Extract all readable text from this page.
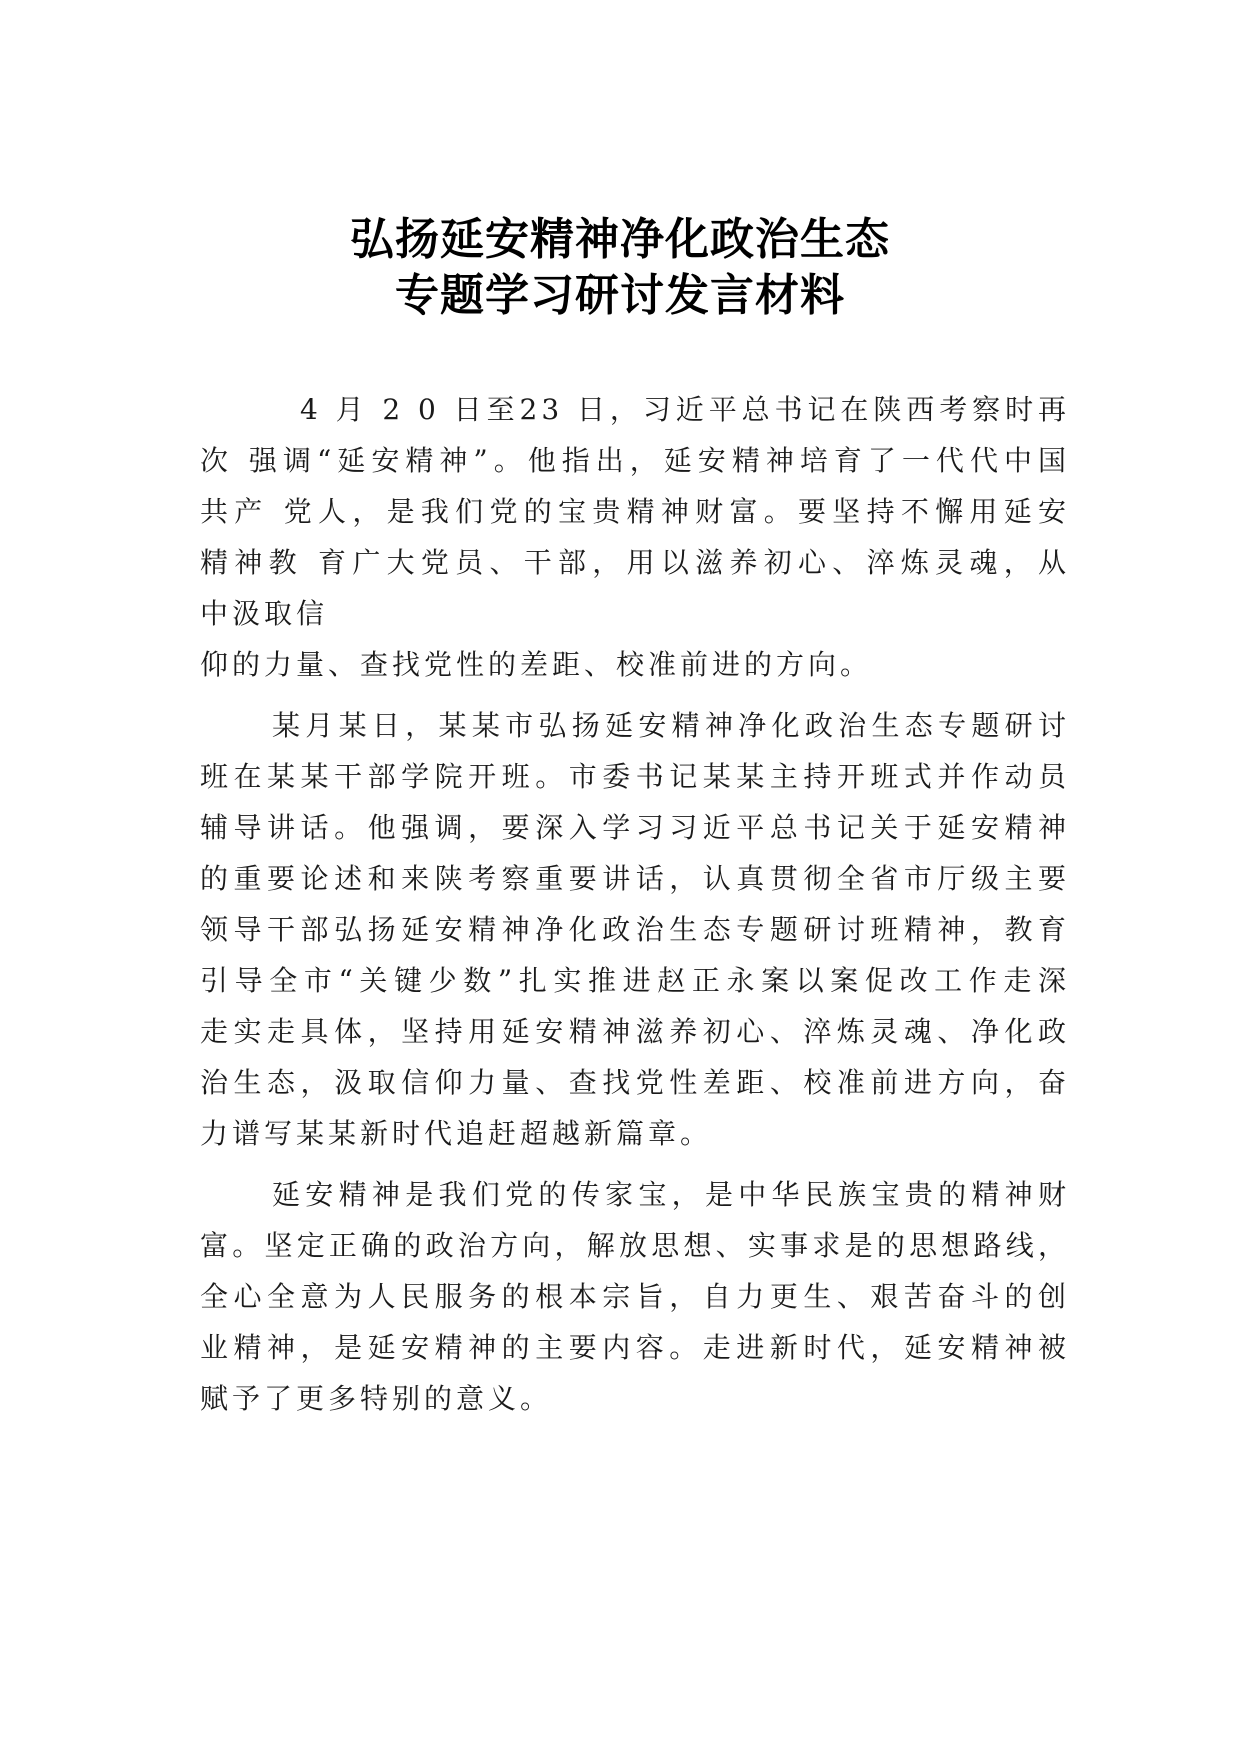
弘扬延安精神净化政治生态
专题学习研讨发言材料
4 月 2 0 日至23 日，习近平总书记在陕西考察时再
次 强调“延安精神”。他指出，延安精神培育了一代代中国
共产 党人，是我们党的宝贵精神财富。要坚持不懈用延安
精神教 育广大党员、干部，用以滋养初心、淬炼灵魂，从
中汲取信
仰的力量、查找党性的差距、校准前进的方向。
某月某日，某某市弘扬延安精神净化政治生态专题研讨
班在某某干部学院开班。市委书记某某主持开班式并作动员
辅导讲话。他强调，要深入学习习近平总书记关于延安精神
的重要论述和来陕考察重要讲话，认真贯彻全省市厅级主要
领导干部弘扬延安精神净化政治生态专题研讨班精神，教育
引导全市“关键少数”扎实推进赵正永案以案促改工作走深
走实走具体，坚持用延安精神滋养初心、淬炼灵魂、净化政
治生态，汲取信仰力量、查找党性差距、校准前进方向，奋
力谱写某某新时代追赶超越新篇章。
延安精神是我们党的传家宝，是中华民族宝贵的精神财
富。坚定正确的政治方向，解放思想、实事求是的思想路线，
全心全意为人民服务的根本宗旨，自力更生、艰苦奋斗的创
业精神，是延安精神的主要内容。走进新时代，延安精神被
赋予了更多特别的意义。
